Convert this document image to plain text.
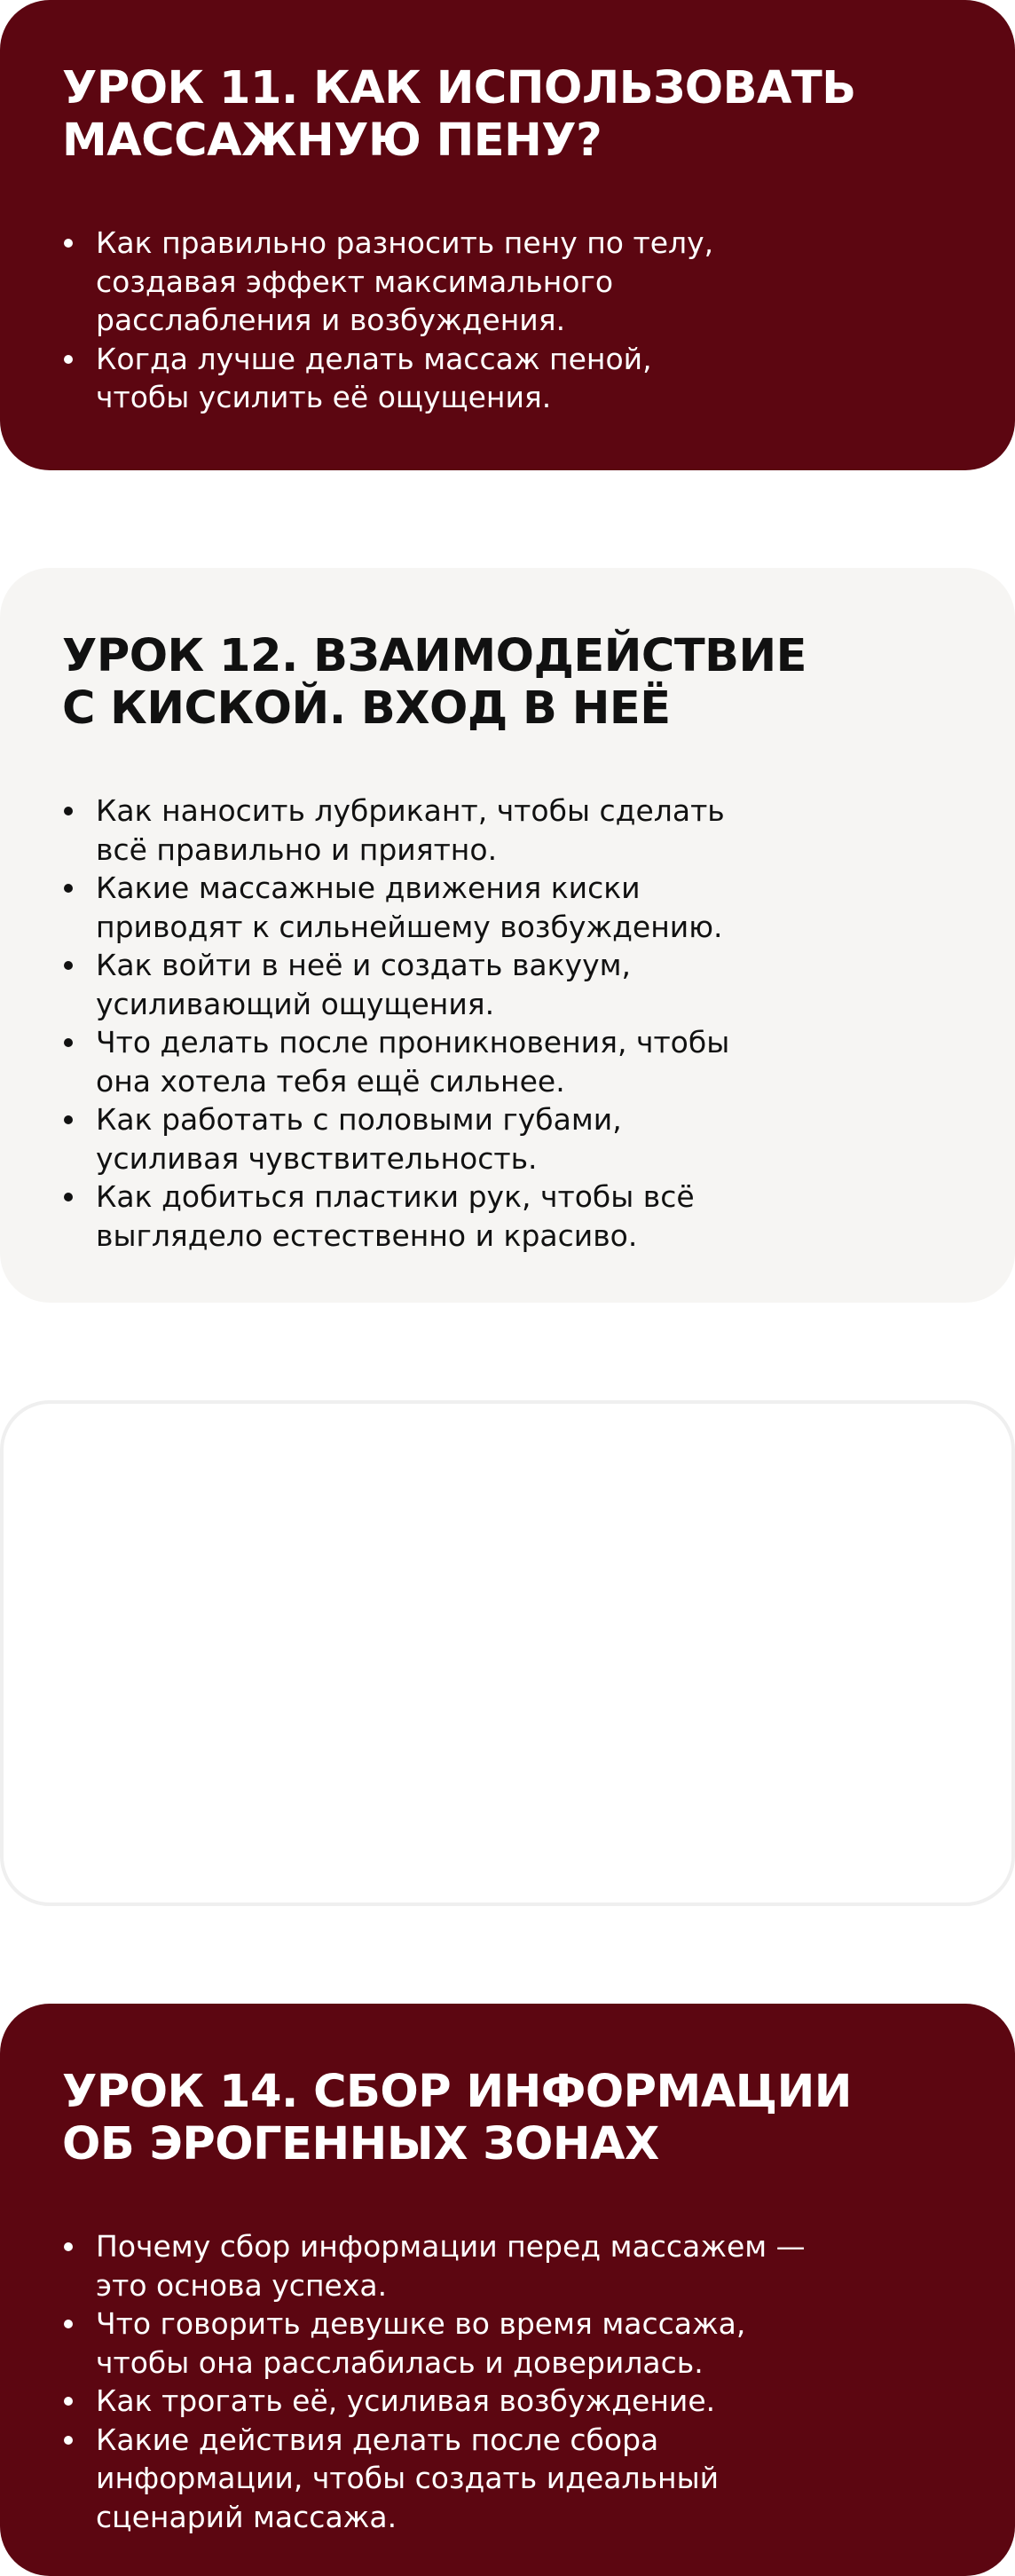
УРОК 11. КАК ИСПОЛЬЗОВАТЬ
МАССАЖНУЮ ПЕНУ?
Как правильно разносить пену по телу,
создавая эффект максимального
расслабления и возбуждения.
Когда лучше делать массаж пеной,
чтобы усилить её ощущения.
УРОК 12. ВЗАИМОДЕЙСТВИЕ
С КИСКОЙ. ВХОД В НЕЁ
Как наносить лубрикант, чтобы сделать
всё правильно и приятно.
Какие массажные движения киски
приводят к сильнейшему возбуждению.
Как войти в неё и создать вакуум,
усиливающий ощущения.
Что делать после проникновения, чтобы
она хотела тебя ещё сильнее.
Как работать с половыми губами,
усиливая чувствительность.
Как добиться пластики рук, чтобы всё
выглядело естественно и красиво.
УРОК 14. СБОР ИНФОРМАЦИИ
ОБ ЭРОГЕННЫХ ЗОНАХ
Почему сбор информации перед массажем —
это основа успеха.
Что говорить девушке во время массажа,
чтобы она расслабилась и доверилась.
Как трогать её, усиливая возбуждение.
Какие действия делать после сбора
информации, чтобы создать идеальный
сценарий массажа.
